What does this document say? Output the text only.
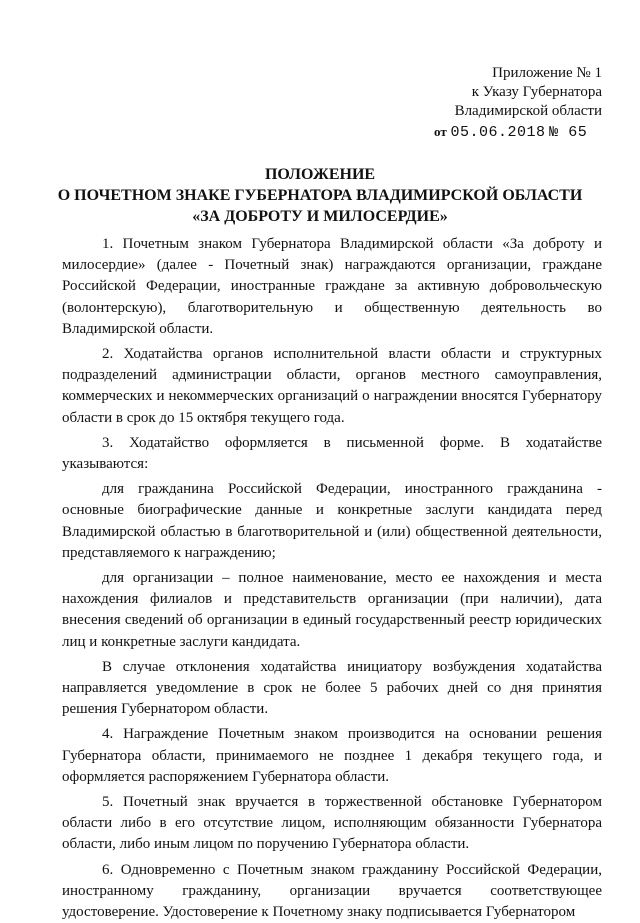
Приложение № 1
к Указу Губернатора
Владимирской области
от 05.06.2018 № 65
ПОЛОЖЕНИЕ
О ПОЧЕТНОМ ЗНАКЕ ГУБЕРНАТОРА ВЛАДИМИРСКОЙ ОБЛАСТИ
«ЗА ДОБРОТУ И МИЛОСЕРДИЕ»

1. Почетным знаком Губернатора Владимирской области «За доброту и милосердие» (далее - Почетный знак) награждаются организации, граждане Российской Федерации, иностранные граждане за активную добровольческую (волонтерскую), благотворительную и общественную деятельность во Владимирской области.

2. Ходатайства органов исполнительной власти области и структурных подразделений администрации области, органов местного самоуправления, коммерческих и некоммерческих организаций о награждении вносятся Губернатору области в срок до 15 октября текущего года.

3. Ходатайство оформляется в письменной форме. В ходатайстве указываются:

для гражданина Российской Федерации, иностранного гражданина - основные биографические данные и конкретные заслуги кандидата перед Владимирской областью в благотворительной и (или) общественной деятельности, представляемого к награждению;

для организации – полное наименование, место ее нахождения и места нахождения филиалов и представительств организации (при наличии), дата внесения сведений об организации в единый государственный реестр юридических лиц и конкретные заслуги кандидата.

В случае отклонения ходатайства инициатору возбуждения ходатайства направляется уведомление в срок не более 5 рабочих дней со дня принятия решения Губернатором области.

4. Награждение Почетным знаком производится на основании решения Губернатора области, принимаемого не позднее 1 декабря текущего года, и оформляется распоряжением Губернатора области.

5. Почетный знак вручается в торжественной обстановке Губернатором области либо в его отсутствие лицом, исполняющим обязанности Губернатора области, либо иным лицом по поручению Губернатора области.

6. Одновременно с Почетным знаком гражданину Российской Федерации, иностранному гражданину, организации вручается соответствующее удостоверение. Удостоверение к Почетному знаку подписывается Губернатором
